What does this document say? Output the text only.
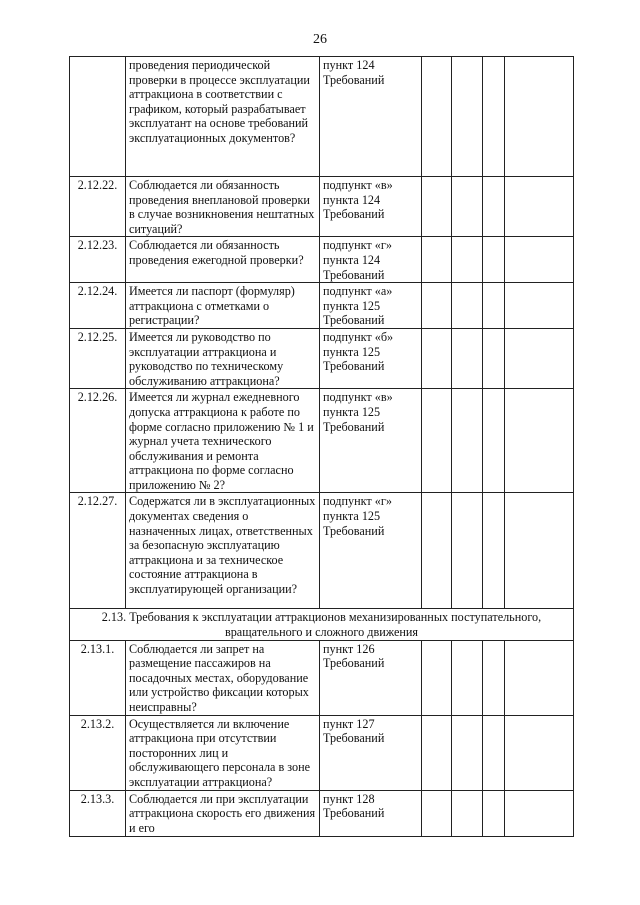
26
	проведения периодической проверки в процессе эксплуатации аттракциона в соответствии с графиком, который разрабатывает эксплуатант на основе требований эксплуатационных документов?	пункт 124
Требований				
2.12.22.	Соблюдается ли обязанность проведения внеплановой проверки в случае возникновения нештатных ситуаций?	подпункт «в»
пункта 124
Требований				
2.12.23.	Соблюдается ли обязанность проведения ежегодной проверки?	подпункт «г»
пункта 124
Требований				
2.12.24.	Имеется ли паспорт (формуляр) аттракциона с отметками о регистрации?	подпункт «а»
пункта 125
Требований				
2.12.25.	Имеется ли руководство по эксплуатации аттракциона и руководство по техническому обслуживанию аттракциона?	подпункт «б»
пункта 125
Требований				
2.12.26.	Имеется ли журнал ежедневного допуска аттракциона к работе по форме согласно приложению № 1 и журнал учета технического обслуживания и ремонта аттракциона по форме согласно приложению № 2?	подпункт «в»
пункта 125
Требований				
2.12.27.	Содержатся ли в эксплуатационных документах сведения о назначенных лицах, ответственных за безопасную эксплуатацию аттракциона и за техническое состояние аттракциона в эксплуатирующей организации?	подпункт «г»
пункта 125
Требований				
2.13. Требования к эксплуатации аттракционов механизированных поступательного, вращательного и сложного движения						
2.13.1.	Соблюдается ли запрет на размещение пассажиров на посадочных местах, оборудование или устройство фиксации которых неисправны?	пункт 126
Требований				
2.13.2.	Осуществляется ли включение аттракциона при отсутствии посторонних лиц и обслуживающего персонала в зоне эксплуатации аттракциона?	пункт 127
Требований				
2.13.3.	Соблюдается ли при эксплуатации аттракциона скорость его движения и его	пункт 128
Требований				
